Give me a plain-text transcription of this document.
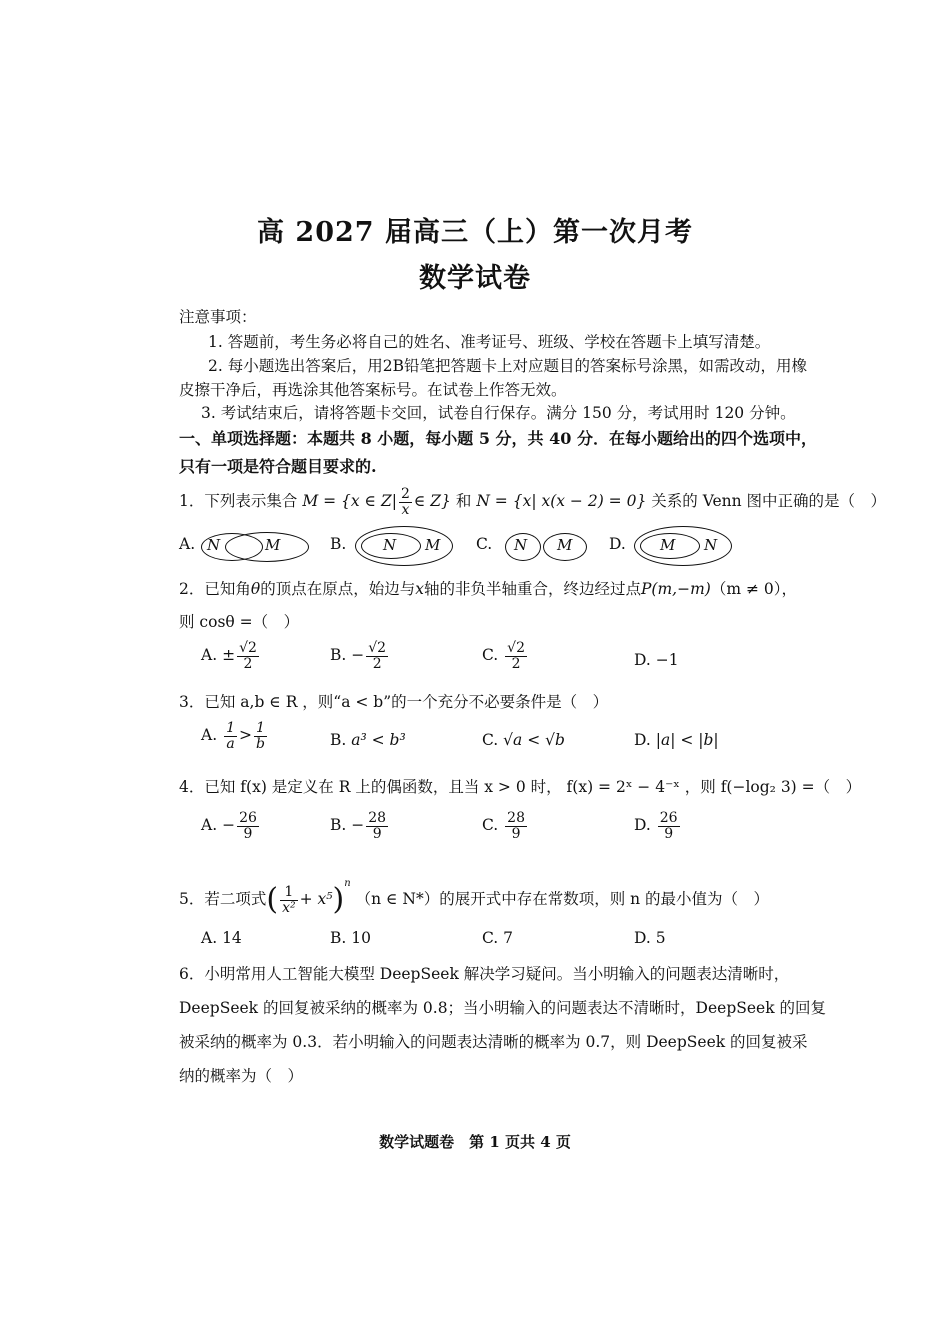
高 2027 届高三（上）第一次月考
数学试卷
注意事项：
1. 答题前，考生务必将自己的姓名、准考证号、班级、学校在答题卡上填写清楚。
2. 每小题选出答案后，用2B铅笔把答题卡上对应题目的答案标号涂黑，如需改动，用橡
皮擦干净后，再选涂其他答案标号。在试卷上作答无效。
3. 考试结束后，请将答题卡交回，试卷自行保存。满分 150 分，考试用时 120 分钟。
一、单项选择题：本题共 8 小题，每小题 5 分，共 40 分．在每小题给出的四个选项中，
只有一项是符合题目要求的.
1．下列表示集合 M = {x ∈ $Z| \frac{2}{x}$ ∈ Z} 和 N = {x| x(x − 2) = 0} 关系的 Venn 图中正确的是（　）
A. N	M	B. N M C. N M D. M N
2．已知角θ的顶点在原点，始边与x轴的非负半轴重合，终边经过点P(m,−m)（m ≠ 0），
则 cosθ =（　）
A. ± $\frac{√2}{2}$	B. − $\frac{√2}{2}$	C. $\frac{√2}{2}$	D. −1
3．已知 a,b ∈ R ，则“a < b”的一个充分不必要条件是（　）
A. $\frac{1}{a} > \frac{1}{b}$	B. a³ < b³	C. √a < √b	D. |a| < |b|
4．已知 f(x) 是定义在 R 上的偶函数，且当 x > 0 时， f(x) = 2ˣ − 4⁻ˣ ，则 f(−log₂ 3) =（　）
A. − $\frac{26}{9}$	B. − $\frac{28}{9}$	C. $\frac{28}{9}$	D. $\frac{26}{9}$
5．若二项式( $\frac{1}{\text{x²}} + x^5)^n$ （n ∈ N*）的展开式中存在常数项，则 n 的最小值为（　）
A. 14	B. 10	C. 7	D. 5
6．小明常用人工智能大模型 DeepSeek 解决学习疑问。当小明输入的问题表达清晰时，
DeepSeek 的回复被采纳的概率为 0.8；当小明输入的问题表达不清晰时，DeepSeek 的回复
被采纳的概率为 0.3．若小明输入的问题表达清晰的概率为 0.7，则 DeepSeek 的回复被采
纳的概率为（　）
数学试题卷　第 1 页共 4 页
